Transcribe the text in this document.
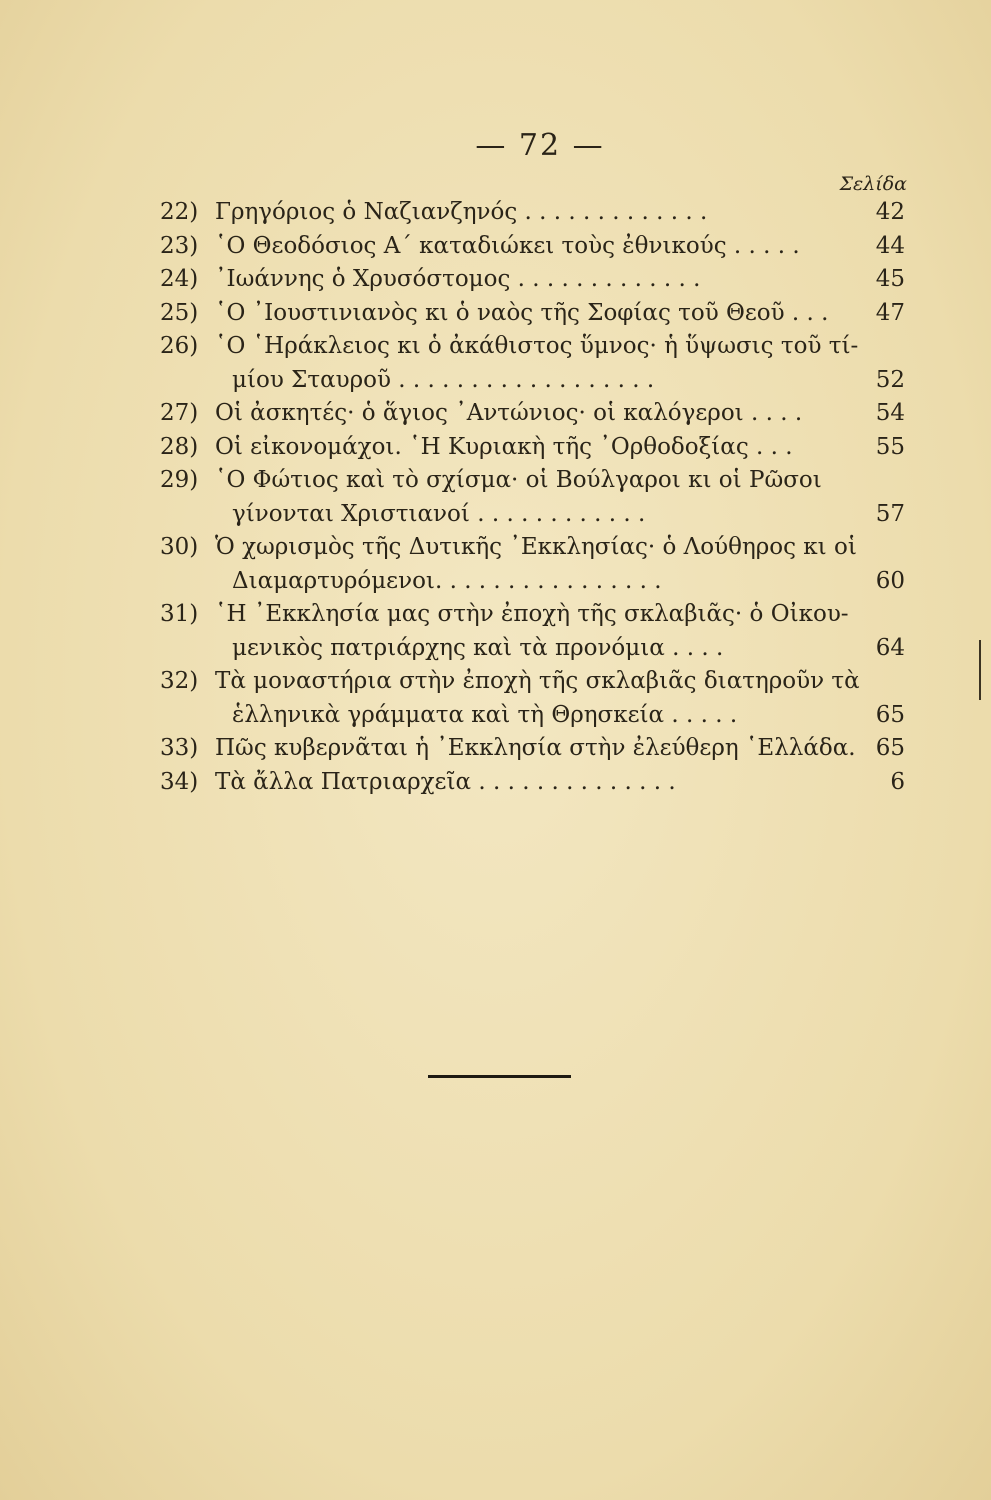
— 72 —
Σελίδα
22) Γρηγόριος ὁ Ναζιανζηνός . . . . . . . . . . . . .	42
23) ῾Ο Θεοδόσιος Α΄ καταδιώκει τοὺς ἐθνικούς . . . . .	44
24) ᾿Ιωάννης ὁ Χρυσόστομος . . . . . . . . . . . . .	45
25) ῾Ο ᾿Ιουστινιανὸς κι ὁ ναὸς τῆς Σοφίας τοῦ Θεοῦ . . .	47
26) ῾Ο ῾Ηράκλειος κι ὁ ἀκάθιστος ὕμνος· ἡ ὕψωσις τοῦ τί-
μίου Σταυροῦ . . . . . . . . . . . . . . . . . .	52
27) Οἱ ἀσκητές· ὁ ἅγιος ᾿Αντώνιος· οἱ καλόγεροι . . . .	54
28) Οἱ εἰκονομάχοι. ῾Η Κυριακὴ τῆς ᾿Ορθοδοξίας . . .	55
29) ῾Ο Φώτιος καὶ τὸ σχίσμα· οἱ Βούλγαροι κι οἱ Ρῶσοι
γίνονται Χριστιανοί . . . . . . . . . . . .	57
30) Ὁ χωρισμὸς τῆς Δυτικῆς ᾿Εκκλησίας· ὁ Λούθηρος κι οἱ
Διαμαρτυρόμενοι. . . . . . . . . . . . . . . .	60
31) ῾Η ᾿Εκκλησία μας στὴν ἐποχὴ τῆς σκλαβιᾶς· ὁ Οἰκου-
μενικὸς πατριάρχης καὶ τὰ προνόμια . . . .	64
32) Τὰ μοναστήρια στὴν ἐποχὴ τῆς σκλαβιᾶς διατηροῦν τὰ
ἑλληνικὰ γράμματα καὶ τὴ Θρησκεία . . . . .	65
33) Πῶς κυβερνᾶται ἡ ᾿Εκκλησία στὴν ἐλεύθερη ῾Ελλάδα. 65
34) Τὰ ἄλλα Πατριαρχεῖα . . . . . . . . . . . . . .	6
